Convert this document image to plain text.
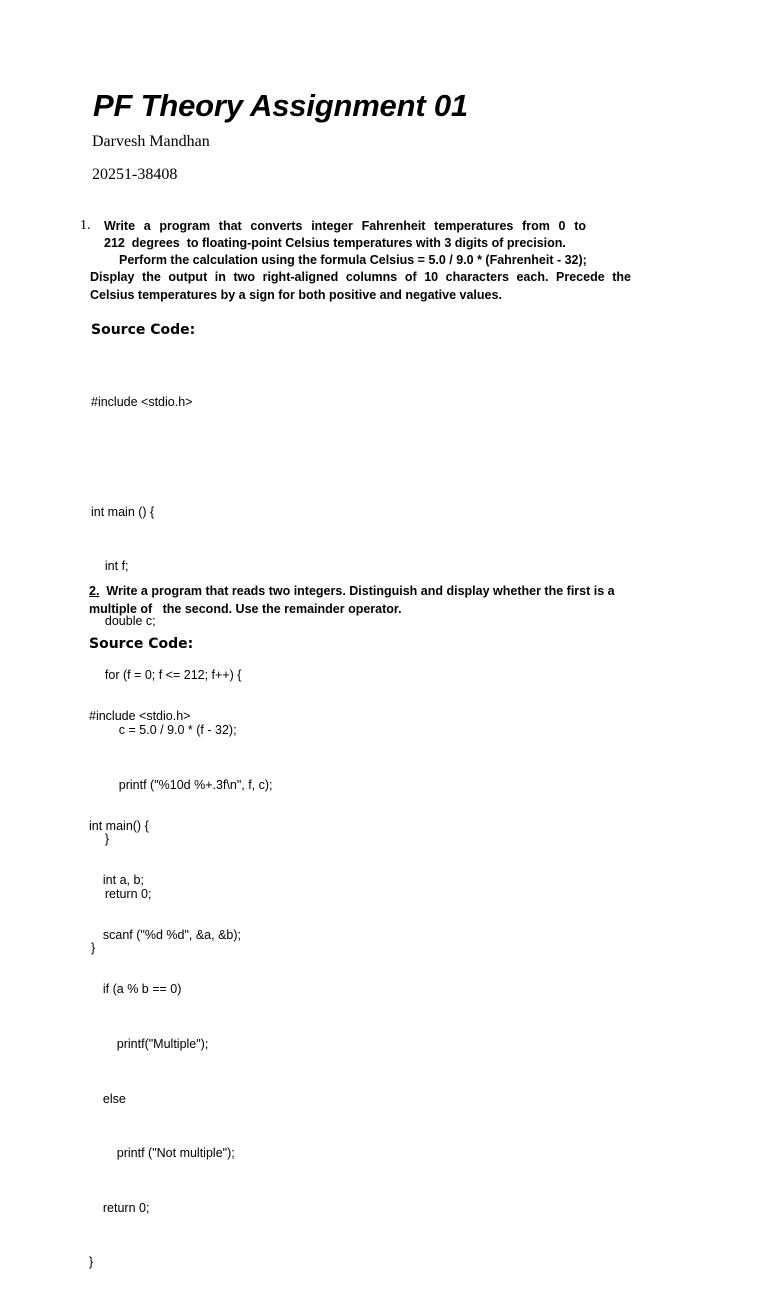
PF Theory Assignment 01

Darvesh Mandhan

20251-38408

1. Write a program that converts integer Fahrenheit temperatures from 0 to
212  degrees  to floating-point Celsius temperatures with 3 digits of precision.
Perform the calculation using the formula Celsius = 5.0 / 9.0 * (Fahrenheit - 32);
Display the output in two right-aligned columns of 10 characters each. Precede the
Celsius temperatures by a sign for both positive and negative values.
Source Code:

#include <stdio.h>

int main () {

int f;

double c;

for (f = 0; f <= 212; f++) {

c = 5.0 / 9.0 * (f - 32);

printf ("%10d %+.3f\n", f, c);

}

return 0;

}

2. Write a program that reads two integers. Distinguish and display whether the first is a
multiple of   the second. Use the remainder operator.
Source Code:

#include <stdio.h>

int main() {

int a, b;

scanf ("%d %d", &a, &b);

if (a % b == 0)

printf("Multiple");

else

printf ("Not multiple");

return 0;

}
